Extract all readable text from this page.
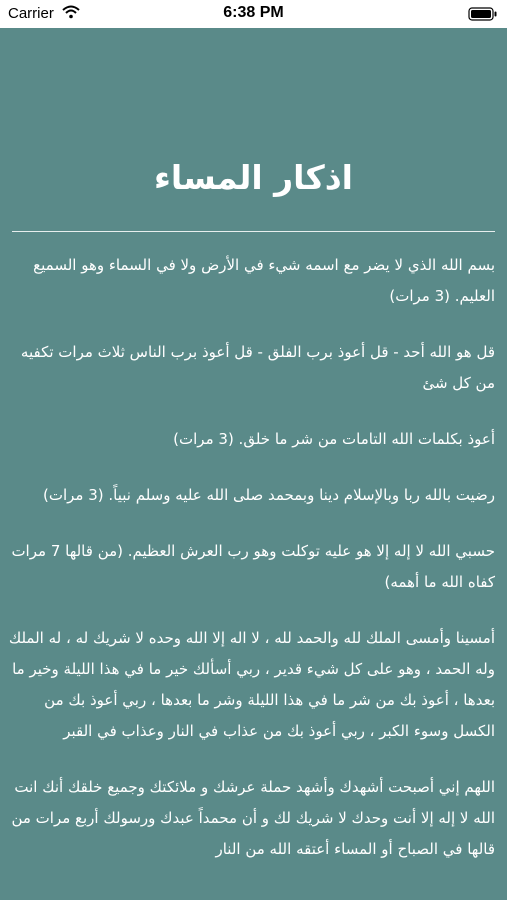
Carrier	6:38 PM
اذكار المساء

بسم الله الذي لا يضر مع اسمه شيء في الأرض ولا في السماء وهو السميع العليم. (3 مرات)

قل هو الله أحد - قل أعوذ برب الفلق - قل أعوذ برب الناس ثلاث مرات تكفيه من كل شئ

أعوذ بكلمات الله التامات من شر ما خلق. (3 مرات)

رضيت بالله ربا وبالإسلام دينا وبمحمد صلى الله عليه وسلم نبياً. (3 مرات)

حسبي الله لا إله إلا هو عليه توكلت وهو رب العرش العظيم. (من قالها 7 مرات كفاه الله ما أهمه)

أمسينا وأمسى الملك لله والحمد لله ، لا اله إلا الله وحده لا شريك له ، له الملك وله الحمد ، وهو على كل شيء قدير ، ربي أسألك خير ما في هذا الليلة وخير ما بعدها ، أعوذ بك من شر ما في هذا الليلة وشر ما بعدها ، ربي أعوذ بك من الكسل وسوء الكبر ، ربي أعوذ بك من عذاب في النار وعذاب في القبر

اللهم إني أصبحت أشهدك وأشهد حملة عرشك و ملائكتك وجميع خلقك أنك انت الله لا إله إلا أنت وحدك لا شريك لك و أن محمداً عبدك ورسولك أربع مرات من قالها في الصباح أو المساء أعتقه الله من النار
